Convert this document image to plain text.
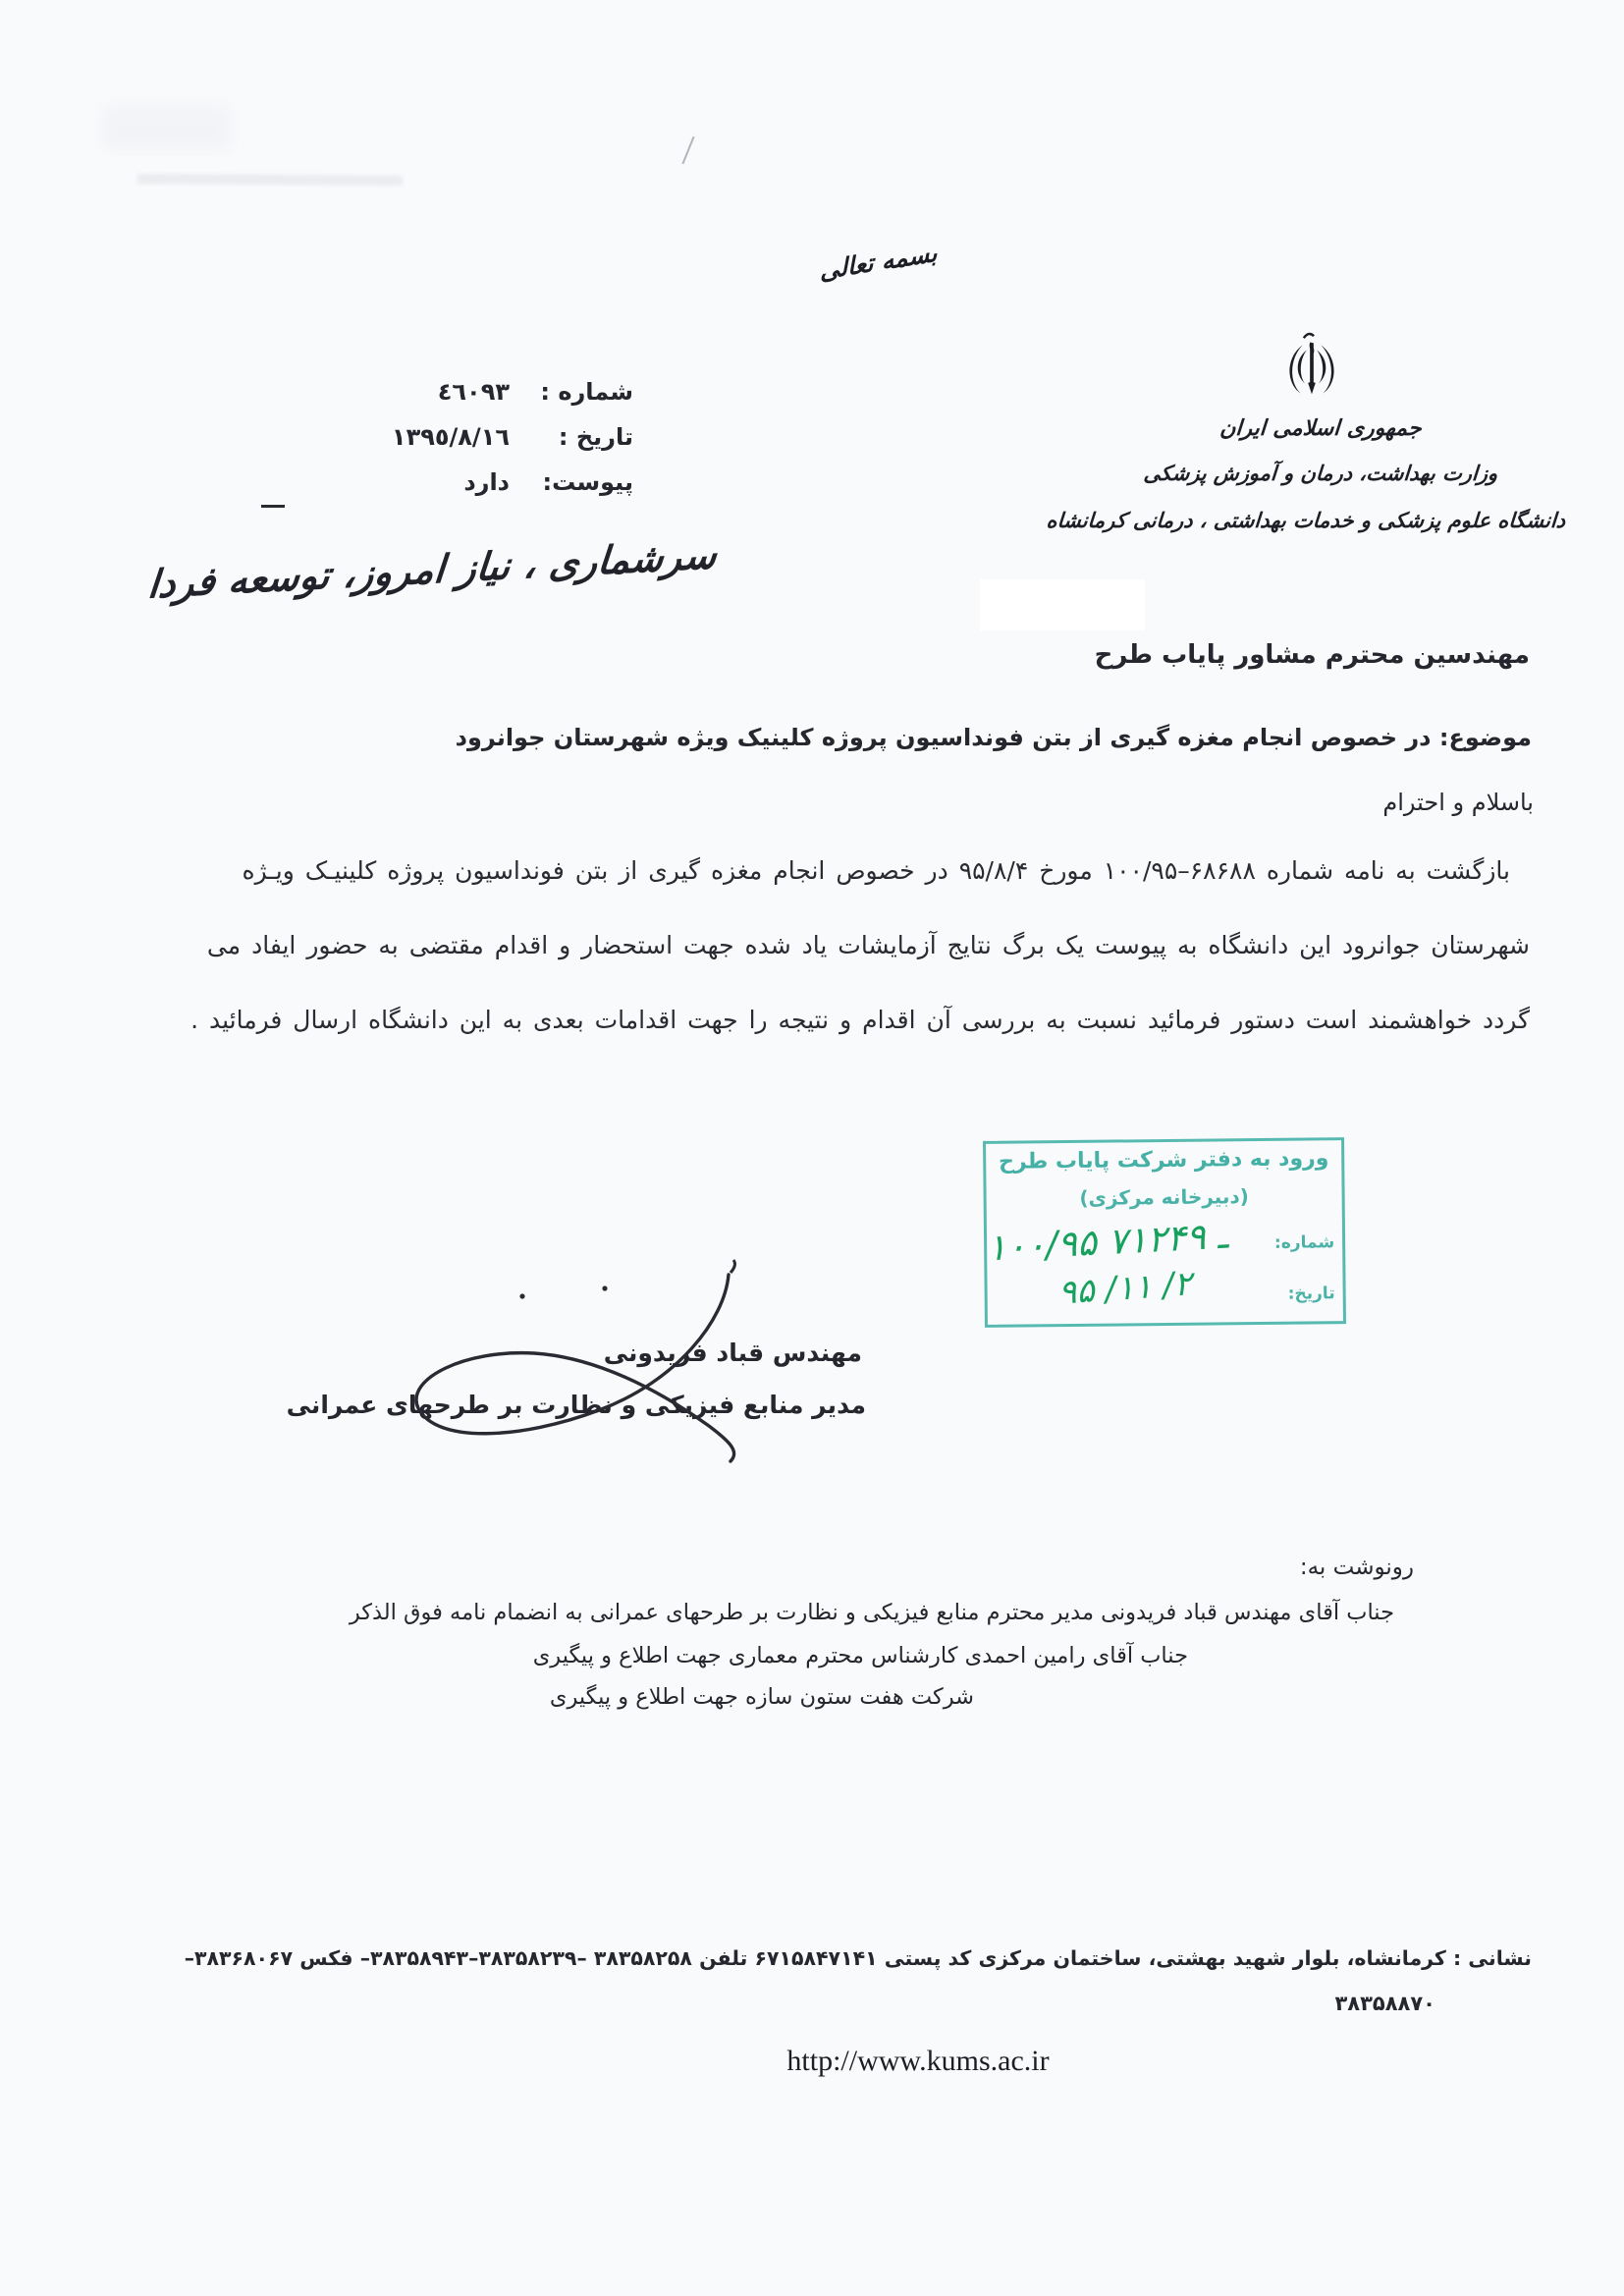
بسمه تعالی
جمهوری اسلامی ایران
وزارت بهداشت، درمان و آموزش پزشکی
دانشگاه علوم پزشکی و خدمات بهداشتی ، درمانی کرمانشاه
شماره :
٤٦٠٩٣
تاریخ :
١٣٩٥/٨/١٦
پیوست:
دارد
سرشماری ، نیاز امروز، توسعه فردا
مهندسین محترم مشاور پایاب طرح
موضوع: در خصوص انجام مغزه گیری از بتن فونداسیون پروژه کلینیک ویژه شهرستان جوانرود
باسلام و احترام
بازگشت به نامه شماره ۶۸۶۸۸–۱۰۰/۹۵ مورخ ۹۵/۸/۴ در خصوص انجام مغزه گیری از بتن فونداسیون پروژه کلینیـک ویـژه
شهرستان جوانرود این دانشگاه به پیوست یک برگ نتایج آزمایشات یاد شده جهت استحضار و اقدام مقتضی به حضور ایفاد می
گردد خواهشمند است دستور فرمائید نسبت به بررسی آن اقدام و نتیجه را جهت اقدامات بعدی به این دانشگاه ارسال فرمائید .
ورود به دفتر شرکت پایاب طرح
(دبیرخانه مرکزی)
شماره:
تاریخ:
۱۰۰/۹۵ ـ ۷۱۲۴۹
۹۵ /۱۱ /۲
مهندس قباد فریدونی
مدیر منابع فیزیکی و نظارت بر طرحهای عمرانی
رونوشت به:
جناب آقای مهندس قباد فریدونی مدیر محترم منابع فیزیکی و نظارت بر طرحهای عمرانی به انضمام نامه فوق الذکر
جناب آقای رامین احمدی کارشناس محترم معماری جهت اطلاع و پیگیری
شرکت هفت ستون سازه جهت اطلاع و پیگیری
نشانی : کرمانشاه، بلوار شهید بهشتی، ساختمان مرکزی کد پستی ۶۷۱۵۸۴۷۱۴۱ تلفن ۳۸۳۵۸۲۵۸ –۳۸۳۵۸۲۳۹–۳۸۳۵۸۹۴۳– فکس ۳۸۳۶۸۰۶۷–
۳۸۳۵۸۸۷۰
http://www.kums.ac.ir
